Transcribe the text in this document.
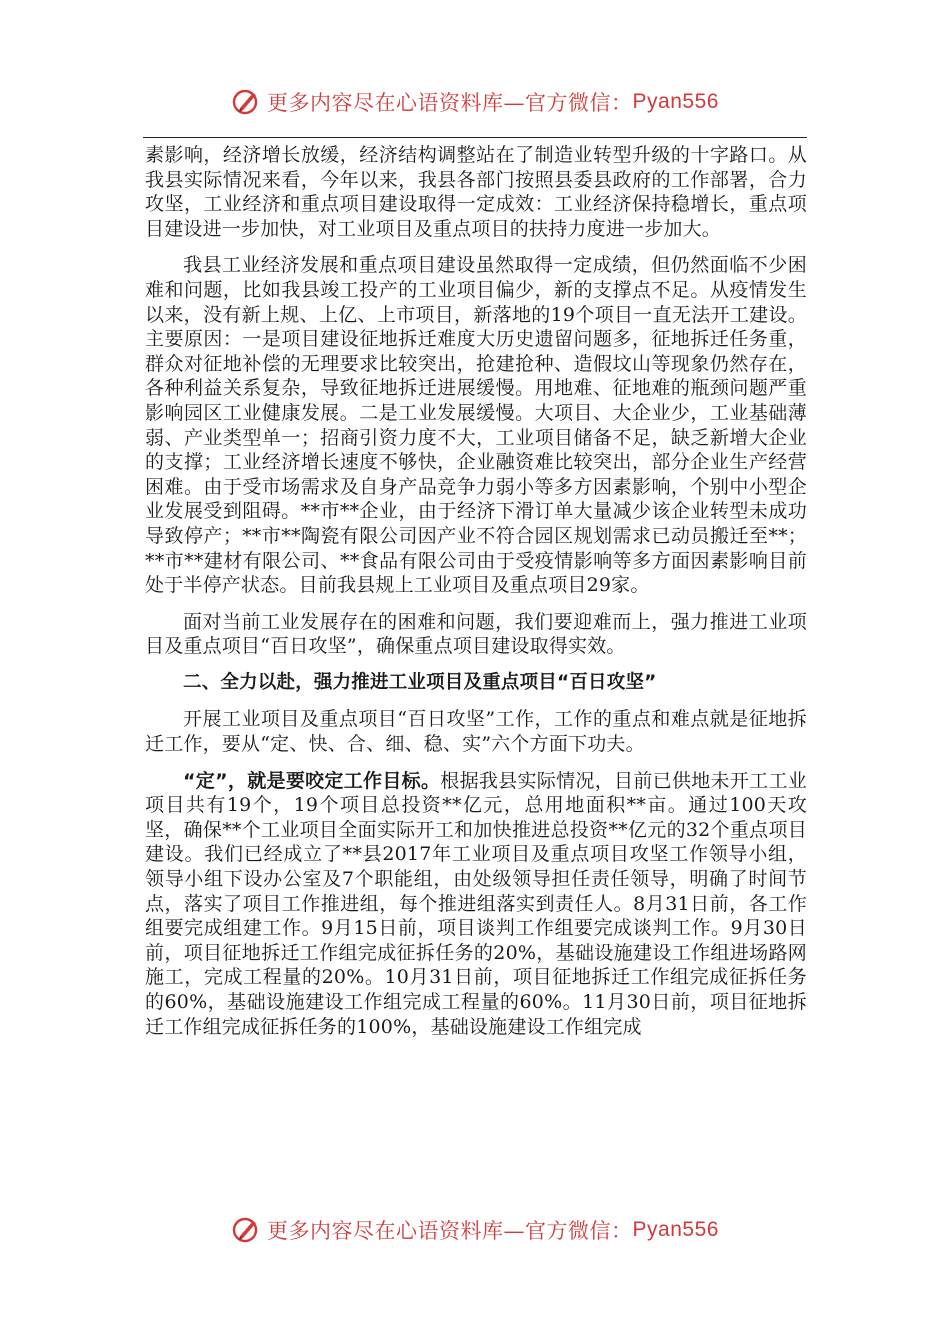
更多内容尽在心语资料库—官方微信： Pyan556

素影响，经济增长放缓，经济结构调整站在了制造业转型升级的十字路口。从我县实际情况来看，今年以来，我县各部门按照县委县政府的工作部署，合力攻坚，工业经济和重点项目建设取得一定成效：工业经济保持稳增长，重点项目建设进一步加快，对工业项目及重点项目的扶持力度进一步加大。

我县工业经济发展和重点项目建设虽然取得一定成绩，但仍然面临不少困难和问题，比如我县竣工投产的工业项目偏少，新的支撑点不足。从疫情发生以来，没有新上规、上亿、上市项目，新落地的19个项目一直无法开工建设。主要原因：一是项目建设征地拆迁难度大历史遗留问题多，征地拆迁任务重，群众对征地补偿的无理要求比较突出，抢建抢种、造假坟山等现象仍然存在，各种利益关系复杂，导致征地拆迁进展缓慢。用地难、征地难的瓶颈问题严重影响园区工业健康发展。二是工业发展缓慢。大项目、大企业少，工业基础薄弱、产业类型单一；招商引资力度不大，工业项目储备不足，缺乏新增大企业的支撑；工业经济增长速度不够快，企业融资难比较突出，部分企业生产经营困难。由于受市场需求及自身产品竞争力弱小等多方因素影响，个别中小型企业发展受到阻碍。**市**企业，由于经济下滑订单大量减少该企业转型未成功导致停产；**市**陶瓷有限公司因产业不符合园区规划需求已动员搬迁至**；**市**建材有限公司、**食品有限公司由于受疫情影响等多方面因素影响目前处于半停产状态。目前我县规上工业项目及重点项目29家。

面对当前工业发展存在的困难和问题，我们要迎难而上，强力推进工业项目及重点项目“百日攻坚”，确保重点项目建设取得实效。

二、全力以赴，强力推进工业项目及重点项目“百日攻坚”

开展工业项目及重点项目“百日攻坚”工作，工作的重点和难点就是征地拆迁工作，要从“定、快、合、细、稳、实”六个方面下功夫。

“定”，就是要咬定工作目标。根据我县实际情况，目前已供地未开工工业项目共有19个，19个项目总投资**亿元，总用地面积**亩。通过100天攻坚，确保**个工业项目全面实际开工和加快推进总投资**亿元的32个重点项目建设。我们已经成立了**县2017年工业项目及重点项目攻坚工作领导小组，领导小组下设办公室及7个职能组，由处级领导担任责任领导，明确了时间节点，落实了项目工作推进组，每个推进组落实到责任人。8月31日前，各工作组要完成组建工作。9月15日前，项目谈判工作组要完成谈判工作。9月30日前，项目征地拆迁工作组完成征拆任务的20%，基础设施建设工作组进场路网施工，完成工程量的20%。10月31日前，项目征地拆迁工作组完成征拆任务的60%，基础设施建设工作组完成工程量的60%。11月30日前，项目征地拆迁工作组完成征拆任务的100%，基础设施建设工作组完成

更多内容尽在心语资料库—官方微信： Pyan556
